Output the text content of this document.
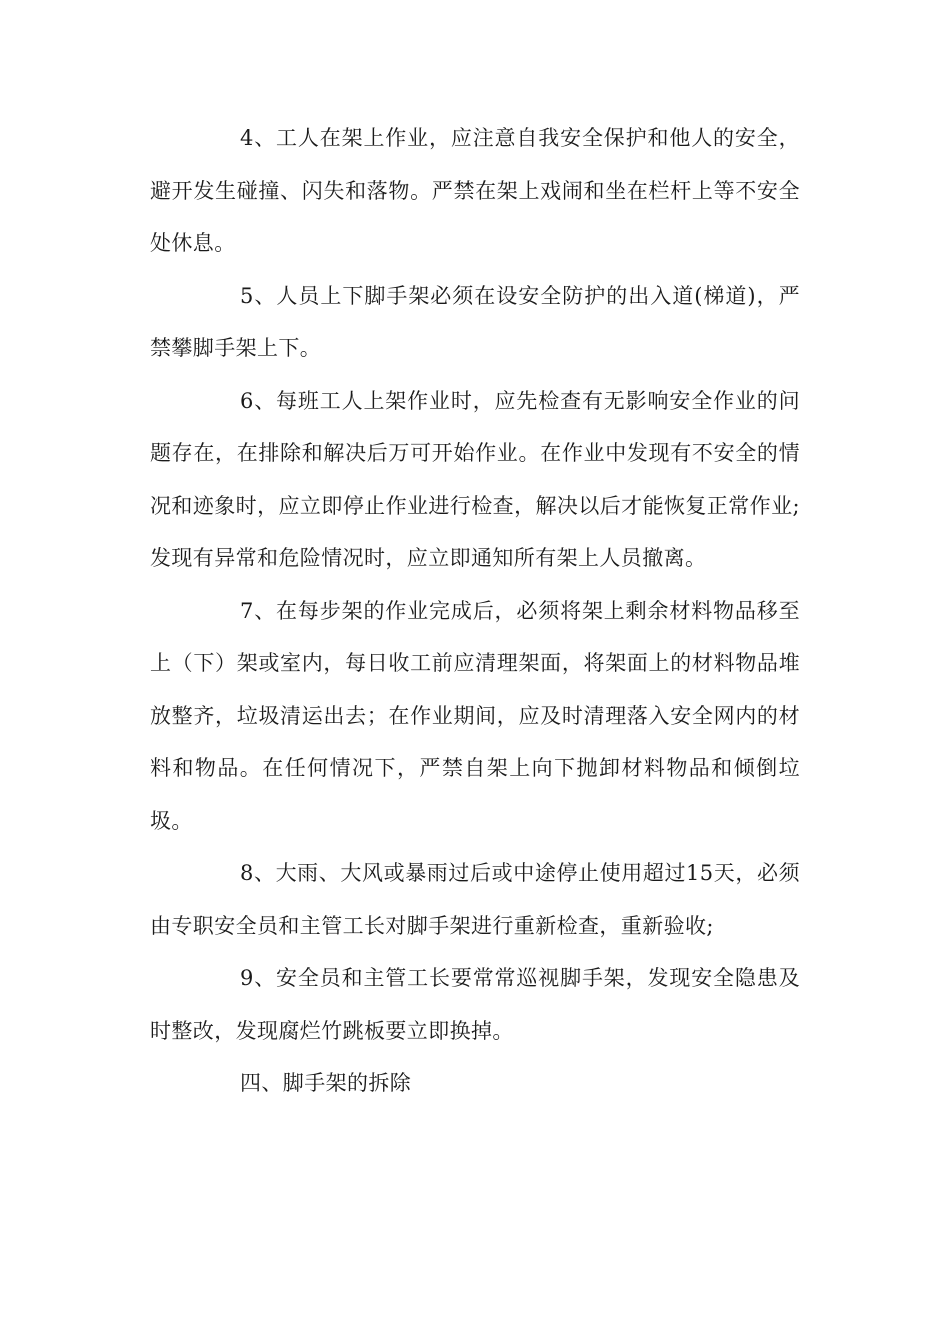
4、工人在架上作业，应注意自我安全保护和他人的安全，避开发生碰撞、闪失和落物。严禁在架上戏闹和坐在栏杆上等不安全处休息。

5、人员上下脚手架必须在设安全防护的出入道(梯道)，严禁攀脚手架上下。

6、每班工人上架作业时，应先检查有无影响安全作业的问题存在，在排除和解决后万可开始作业。在作业中发现有不安全的情况和迹象时，应立即停止作业进行检查，解决以后才能恢复正常作业;发现有异常和危险情况时，应立即通知所有架上人员撤离。

7、在每步架的作业完成后，必须将架上剩余材料物品移至上（下）架或室内，每日收工前应清理架面，将架面上的材料物品堆放整齐，垃圾清运出去；在作业期间，应及时清理落入安全网内的材料和物品。在任何情况下，严禁自架上向下抛卸材料物品和倾倒垃圾。

8、大雨、大风或暴雨过后或中途停止使用超过15天，必须由专职安全员和主管工长对脚手架进行重新检查，重新验收;

9、安全员和主管工长要常常巡视脚手架，发现安全隐患及时整改，发现腐烂竹跳板要立即换掉。

四、脚手架的拆除
